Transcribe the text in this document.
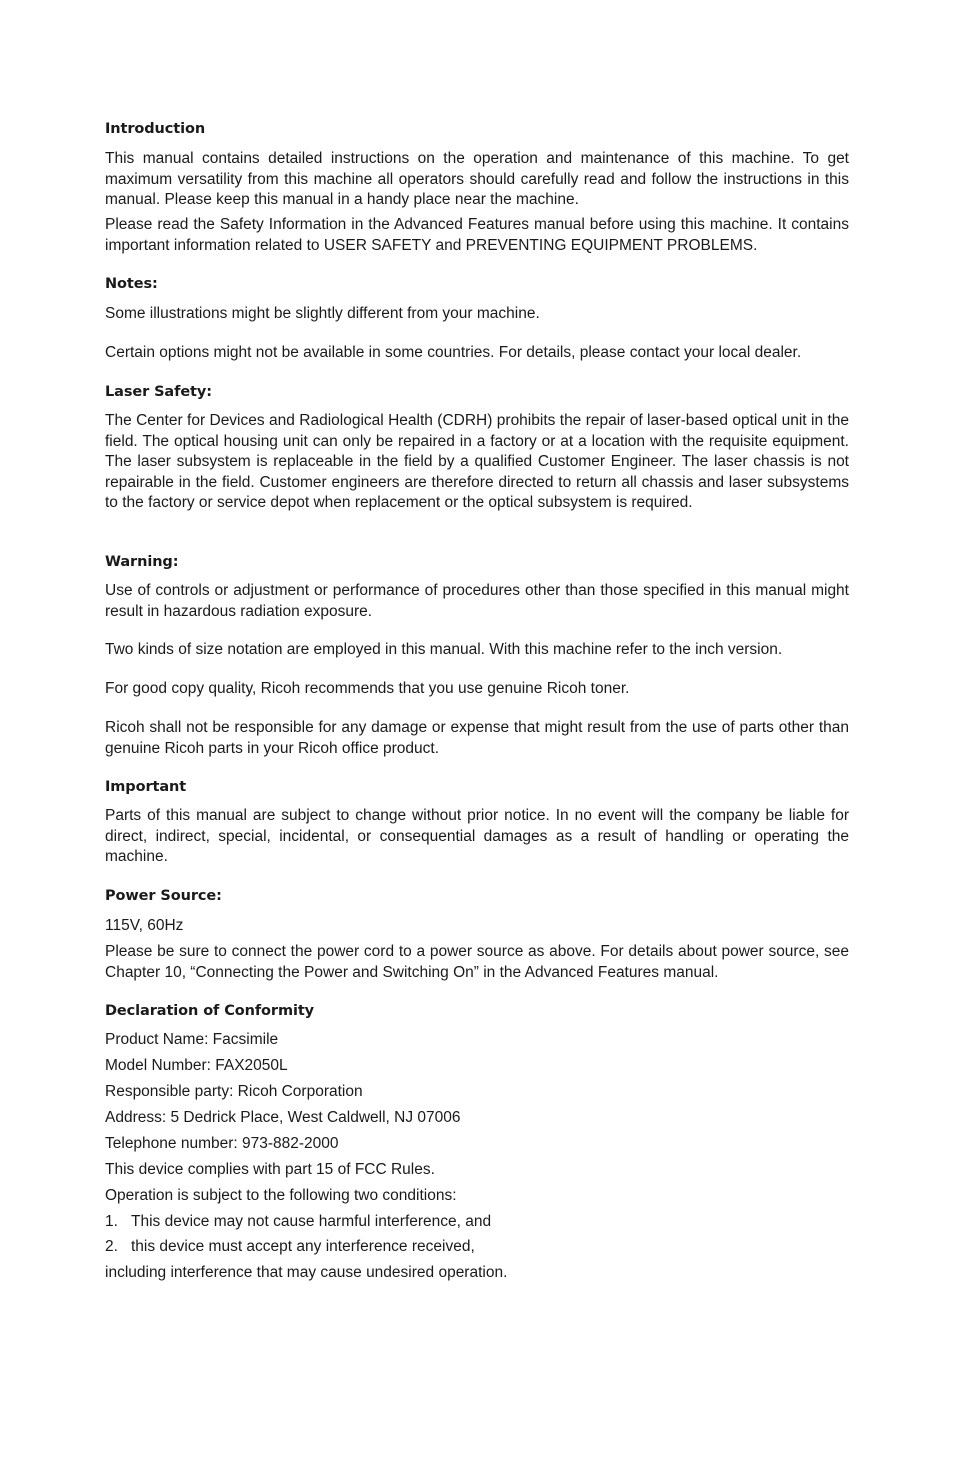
Introduction

This manual contains detailed instructions on the operation and maintenance of this machine. To get maximum versatility from this machine all operators should carefully read and follow the instructions in this manual. Please keep this manual in a handy place near the machine.

Please read the Safety Information in the Advanced Features manual before using this machine. It contains important information related to USER SAFETY and PREVENTING EQUIPMENT PROBLEMS.

Notes:

Some illustrations might be slightly different from your machine.

Certain options might not be available in some countries. For details, please contact your local dealer.

Laser Safety:

The Center for Devices and Radiological Health (CDRH) prohibits the repair of laser-based optical unit in the field. The optical housing unit can only be repaired in a factory or at a location with the requisite equipment. The laser subsystem is replaceable in the field by a qualified Customer Engineer. The laser chassis is not repairable in the field. Customer engineers are therefore directed to return all chassis and laser subsystems to the factory or service depot when replacement or the optical subsystem is required.

Warning:

Use of controls or adjustment or performance of procedures other than those specified in this manual might result in hazardous radiation exposure.

Two kinds of size notation are employed in this manual. With this machine refer to the inch version.

For good copy quality, Ricoh recommends that you use genuine Ricoh toner.

Ricoh shall not be responsible for any damage or expense that might result from the use of parts other than genuine Ricoh parts in your Ricoh office product.

Important

Parts of this manual are subject to change without prior notice. In no event will the company be liable for direct, indirect, special, incidental, or consequential damages as a result of handling or operating the machine.

Power Source:

115V, 60Hz

Please be sure to connect the power cord to a power source as above. For details about power source, see Chapter 10, “Connecting the Power and Switching On” in the Advanced Features manual.

Declaration of Conformity

Product Name: Facsimile

Model Number: FAX2050L

Responsible party: Ricoh Corporation

Address: 5 Dedrick Place, West Caldwell, NJ 07006

Telephone number: 973-882-2000

This device complies with part 15 of FCC Rules.

Operation is subject to the following two conditions:

1. This device may not cause harmful interference, and
2. this device must accept any interference received,

including interference that may cause undesired operation.
